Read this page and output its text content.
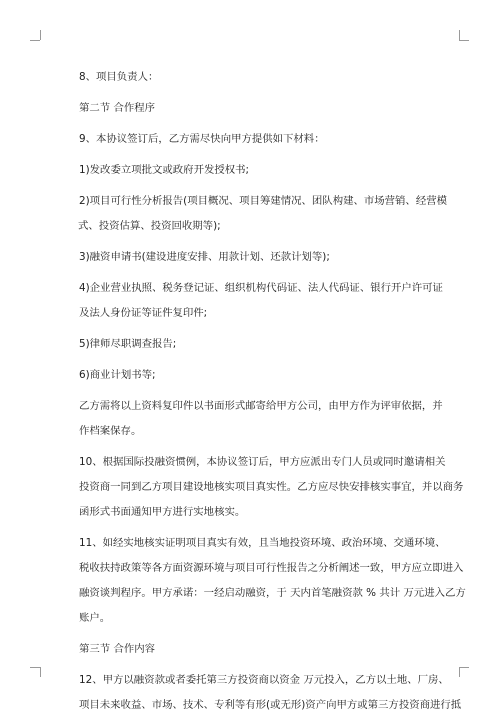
8、项目负责人：

第二节 合作程序

9、本协议签订后，乙方需尽快向甲方提供如下材料：

1)发改委立项批文或政府开发授权书;

2)项目可行性分析报告(项目概况、项目筹建情况、团队构建、市场营销、经营模

式、投资估算、投资回收期等);

3)融资申请书(建设进度安排、用款计划、还款计划等);

4)企业营业执照、税务登记证、组织机构代码证、法人代码证、银行开户许可证

及法人身份证等证件复印件;

5)律师尽职调查报告;

6)商业计划书等;

乙方需将以上资料复印件以书面形式邮寄给甲方公司，由甲方作为评审依据，并

作档案保存。

10、根据国际投融资惯例，本协议签订后，甲方应派出专门人员或同时邀请相关

投资商一同到乙方项目建设地核实项目真实性。乙方应尽快安排核实事宜，并以商务

函形式书面通知甲方进行实地核实。

11、如经实地核实证明项目真实有效，且当地投资环境、政治环境、交通环境、

税收扶持政策等各方面资源环境与项目可行性报告之分析阐述一致，甲方应立即进入

融资谈判程序。甲方承诺：一经启动融资，于 天内首笔融资款 % 共计 万元进入乙方

账户。

第三节 合作内容

12、甲方以融资款或者委托第三方投资商以资金 万元投入，乙方以土地、厂房、

项目未来收益、市场、技术、专利等有形(或无形)资产向甲方或第三方投资商进行抵
